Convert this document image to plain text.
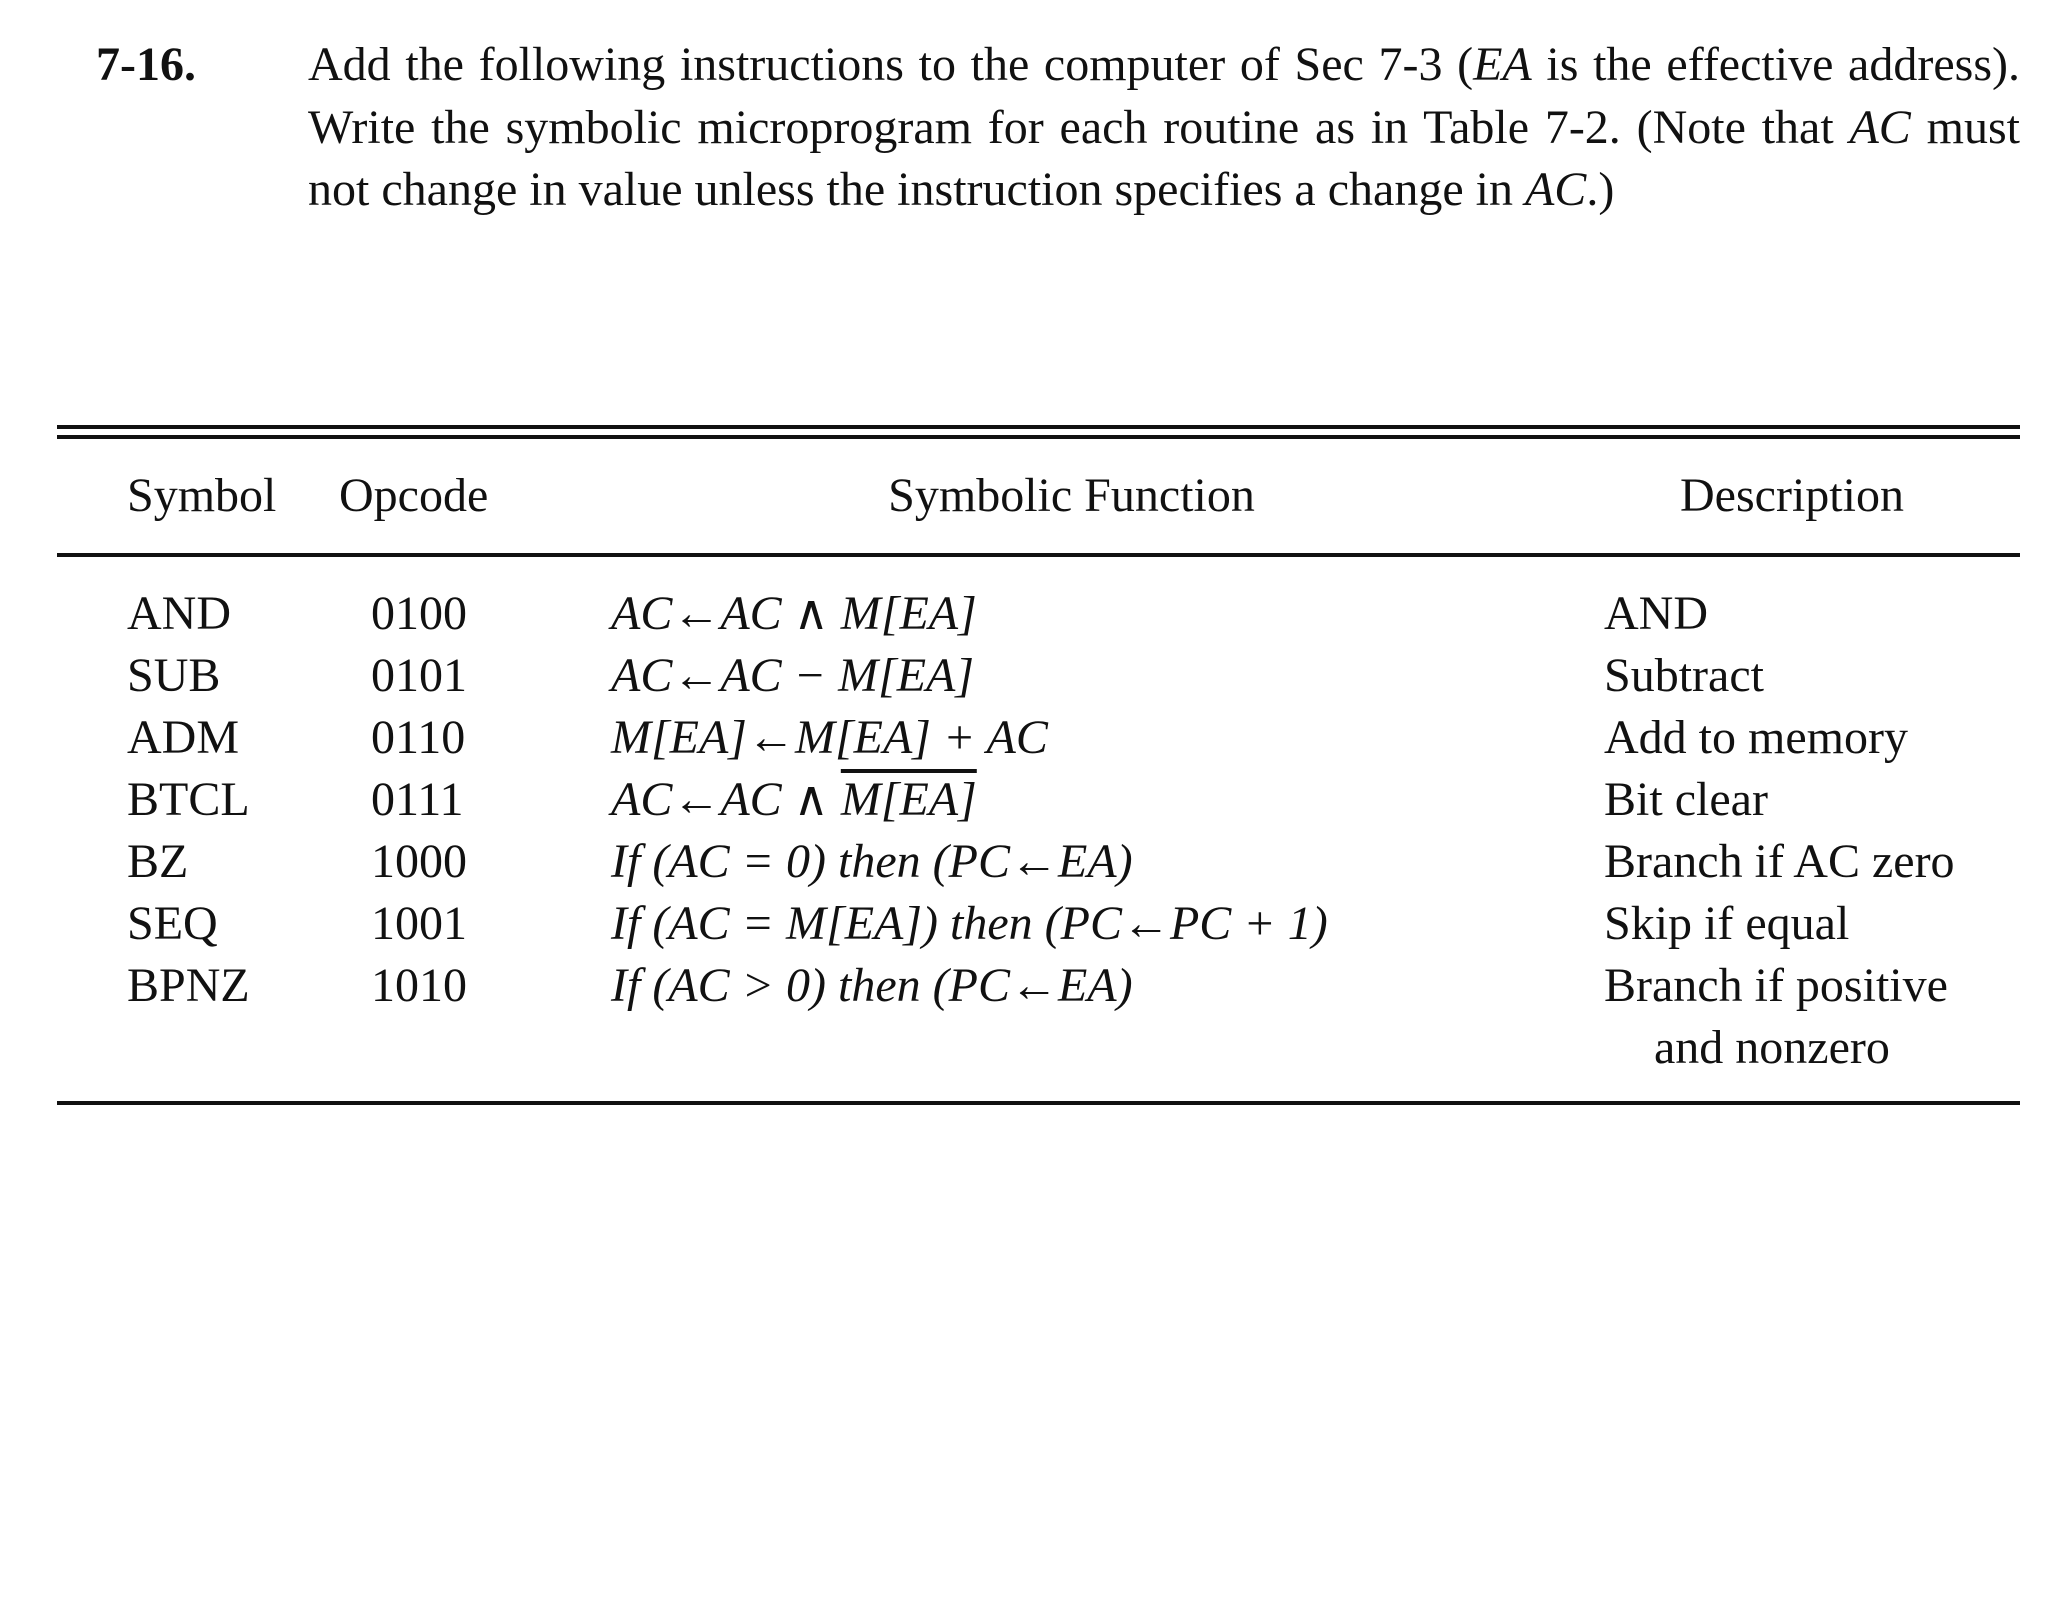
7-16. Add the following instructions to the computer of Sec 7-3 (EA is the effective address). Write the symbolic microprogram for each routine as in Table 7-2. (Note that AC must not change in value unless the instruction specifies a change in AC.)
Symbol	Opcode	Symbolic Function	Description
AND	0100	AC←AC ∧ M[EA]	AND
SUB	0101	AC←AC − M[EA]	Subtract
ADM	0110	M[EA]←M[EA] + AC	Add to memory
BTCL	0111	AC←AC ∧ M[EA]	Bit clear
BZ	1000	If (AC = 0) then (PC←EA)	Branch if AC zero
SEQ	1001	If (AC = M[EA]) then (PC←PC + 1)	Skip if equal
BPNZ	1010	If (AC > 0) then (PC←EA)	Branch if positive
and nonzero
